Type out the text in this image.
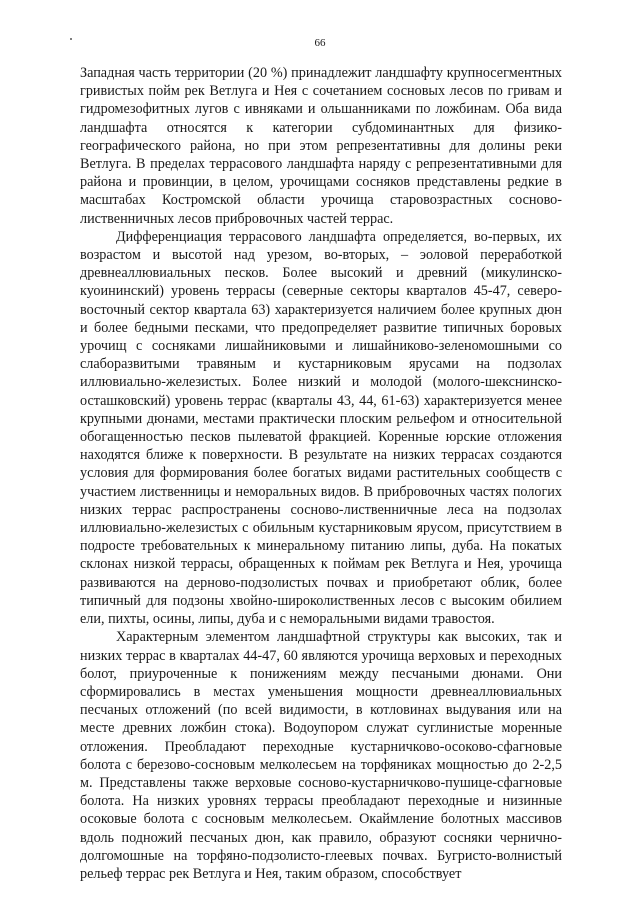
66

Западная часть территории (20 %) принадлежит ландшафту крупносегментных гривистых пойм рек Ветлуга и Нея с сочетанием сосновых лесов по гривам и гидромезофитных лугов с ивняками и ольшанниками по ложбинам. Оба вида ландшафта относятся к категории субдоминантных для физико-географического района, но при этом репрезентативны для долины реки Ветлуга. В пределах террасового ландшафта наряду с репрезентативными для района и провинции, в целом, урочищами сосняков представлены редкие в масштабах Костромской области урочища старовозрастных сосново-лиственничных лесов прибровочных частей террас.

Дифференциация террасового ландшафта определяется, во-первых, их возрастом и высотой над урезом, во-вторых, – эоловой переработкой древнеаллювиальных песков. Более высокий и древний (микулинско-куоининский) уровень террасы (северные секторы кварталов 45-47, северо-восточный сектор квартала 63) характеризуется наличием более крупных дюн и более бедными песками, что предопределяет развитие типичных боровых урочищ с сосняками лишайниковыми и лишайниково-зеленомошными со слаборазвитыми травяным и кустарниковым ярусами на подзолах иллювиально-железистых. Более низкий и молодой (молого-шекснинско-осташковский) уровень террас (кварталы 43, 44, 61-63) характеризуется менее крупными дюнами, местами практически плоским рельефом и относительной обогащенностью песков пылеватой фракцией. Коренные юрские отложения находятся ближе к поверхности. В результате на низких террасах создаются условия для формирования более богатых видами растительных сообществ с участием лиственницы и неморальных видов. В прибровочных частях пологих низких террас распространены сосново-лиственничные леса на подзолах иллювиально-железистых с обильным кустарниковым ярусом, присутствием в подросте требовательных к минеральному питанию липы, дуба. На покатых склонах низкой террасы, обращенных к поймам рек Ветлуга и Нея, урочища развиваются на дерново-подзолистых почвах и приобретают облик, более типичный для подзоны хвойно-широколиственных лесов с высоким обилием ели, пихты, осины, липы, дуба и с неморальными видами травостоя.

Характерным элементом ландшафтной структуры как высоких, так и низких террас в кварталах 44-47, 60 являются урочища верховых и переходных болот, приуроченные к понижениям между песчаными дюнами. Они сформировались в местах уменьшения мощности древнеаллювиальных песчаных отложений (по всей видимости, в котловинах выдувания или на месте древних ложбин стока). Водоупором служат суглинистые моренные отложения. Преобладают переходные кустарничково-осоково-сфагновые болота с березово-сосновым мелколесьем на торфяниках мощностью до 2-2,5 м. Представлены также верховые сосново-кустарничково-пушице-сфагновые болота. На низких уровнях террасы преобладают переходные и низинные осоковые болота с сосновым мелколесьем. Окаймление болотных массивов вдоль подножий песчаных дюн, как правило, образуют сосняки чернично-долгомошные на торфяно-подзолисто-глеевых почвах. Бугристо-волнистый рельеф террас рек Ветлуга и Нея, таким образом, способствует
